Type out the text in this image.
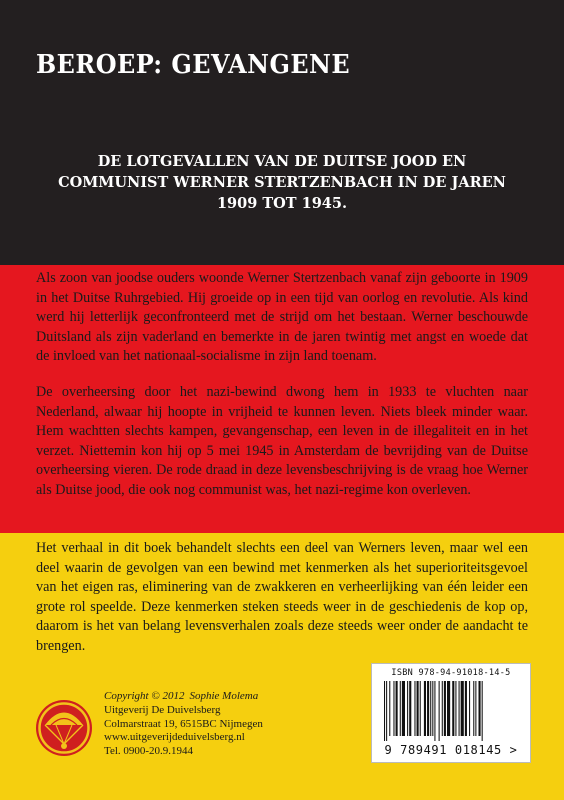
BEROEP: GEVANGENE

DE LOTGEVALLEN VAN DE DUITSE JOOD EN
COMMUNIST WERNER STERTZENBACH IN DE JAREN
1909 TOT 1945.

Als zoon van joodse ouders woonde Werner Stertzenbach vanaf zijn geboorte in 1909 in het Duitse Ruhrgebied. Hij groeide op in een tijd van oorlog en revolutie. Als kind werd hij letterlijk geconfronteerd met de strijd om het bestaan. Werner beschouwde Duitsland als zijn vaderland en bemerkte in de jaren twintig met angst en woede dat de invloed van het nationaal-socialisme in zijn land toenam.

De overheersing door het nazi-bewind dwong hem in 1933 te vluchten naar Nederland, alwaar hij hoopte in vrijheid te kunnen leven. Niets bleek minder waar. Hem wachtten slechts kampen, gevangenschap, een leven in de illegaliteit en in het verzet. Niettemin kon hij op 5 mei 1945 in Amsterdam de bevrijding van de Duitse overheersing vieren. De rode draad in deze levensbeschrijving is de vraag hoe Werner als Duitse jood, die ook nog communist was, het nazi-regime kon overleven.

Het verhaal in dit boek behandelt slechts een deel van Werners leven, maar wel een deel waarin de gevolgen van een bewind met kenmerken als het superioriteitsgevoel van het eigen ras, eliminering van de zwakkeren en verheerlijking van één leider een grote rol speelde. Deze kenmerken steken steeds weer in de geschiedenis de kop op, daarom is het van belang levensverhalen zoals deze steeds weer onder de aandacht te brengen.

Copyright © 2012 Sophie Molema
Uitgeverij De Duivelsberg
Colmarstraat 19, 6515BC Nijmegen
www.uitgeverijdeduivelsberg.nl
Tel. 0900-20.9.1944
ISBN 978-94-91018-14-5
9 789491 018145 >
